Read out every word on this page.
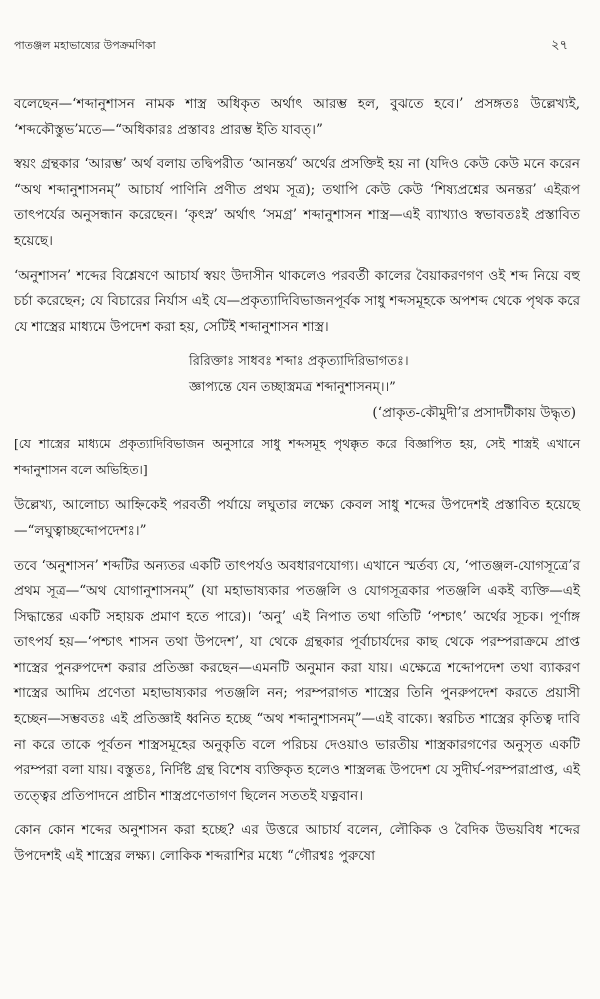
পাতঞ্জল মহাভাষ্যের উপক্রমণিকা	২৭

বলেছেন—‘শব্দানুশাসন নামক শাস্ত্র অধিকৃত অর্থাৎ আরম্ভ হল, বুঝতে হবে।’ প্রসঙ্গতঃ উল্লেখ্যই, ‘শব্দকৌস্তুভ’মতে—“অধিকারঃ প্রস্তাবঃ প্রারম্ভ ইতি যাবত্।”

স্বয়ং গ্রন্থকার ‘আরম্ভ’ অর্থ বলায় তদ্বিপরীত ‘আনন্তর্য’ অর্থের প্রসক্তিই হয় না (যদিও কেউ কেউ মনে করেন “অথ শব্দানুশাসনম্” আচার্য পাণিনি প্রণীত প্রথম সূত্র); তথাপি কেউ কেউ ‘শিষ্যপ্রশ্নের অনন্তর’ এইরূপ তাৎপর্যের অনুসন্ধান করেছেন। ‘কৃৎস্ন’ অর্থাৎ ‘সমগ্র’ শব্দানুশাসন শাস্ত্র—এই ব্যাখ্যাও স্বভাবতঃই প্রস্তাবিত হয়েছে।

‘অনুশাসন’ শব্দের বিশ্লেষণে আচার্য স্বয়ং উদাসীন থাকলেও পরবর্তী কালের বৈয়াকরণগণ ওই শব্দ নিয়ে বহু চর্চা করেছেন; যে বিচারের নির্যাস এই যে—প্রকৃত্যাদিবিভাজনপূর্বক সাধু শব্দসমূহকে অপশব্দ থেকে পৃথক করে যে শাস্ত্রের মাধ্যমে উপদেশ করা হয়, সেটিই শব্দানুশাসন শাস্ত্র।

রিরিক্তাঃ সাধবঃ শব্দাঃ প্রকৃত্যাদিরিভাগতঃ।
জ্ঞাপ্যন্তে যেন তচ্ছাস্ত্রমত্র শব্দানুশাসনম্।।”
(‘প্রাকৃত-কৌমুদী’র প্রসাদটীকায় উদ্ধৃত)
[যে শাস্ত্রের মাধ্যমে প্রকৃত্যাদিবিভাজন অনুসারে সাধু শব্দসমূহ পৃথক্কৃত করে বিজ্ঞাপিত হয়, সেই শাস্ত্রই এখানে শব্দানুশাসন বলে অভিহিত।]

উল্লেখ্য, আলোচ্য আহ্নিকেই পরবর্তী পর্যায়ে লঘুতার লক্ষ্যে কেবল সাধু শব্দের উপদেশই প্রস্তাবিত হয়েছে—“লঘুত্বাচ্ছব্দোপদেশঃ।”

তবে ‘অনুশাসন’ শব্দটির অন্যতর একটি তাৎপর্যও অবধারণযোগ্য। এখানে স্মর্তব্য যে, ‘পাতঞ্জল-যোগসূত্রে’র প্রথম সূত্র—“অথ যোগানুশাসনম্” (যা মহাভাষ্যকার পতঞ্জলি ও যোগসূত্রকার পতঞ্জলি একই ব্যক্তি—এই সিদ্ধান্তের একটি সহায়ক প্রমাণ হতে পারে)। ‘অনু’ এই নিপাত তথা গতিটি ‘পশ্চাৎ’ অর্থের সূচক। পূর্ণাঙ্গ তাৎপর্য হয়—‘পশ্চাৎ শাসন তথা উপদেশ’, যা থেকে গ্রন্থকার পূর্বাচার্যদের কাছ থেকে পরম্পরাক্রমে প্রাপ্ত শাস্ত্রের পুনরুপদেশ করার প্রতিজ্ঞা করছেন—এমনটি অনুমান করা যায়। এক্ষেত্রে শব্দোপদেশ তথা ব্যাকরণ শাস্ত্রের আদিম প্রণেতা মহাভাষ্যকার পতঞ্জলি নন; পরম্পরাগত শাস্ত্রের তিনি পুনরুপদেশ করতে প্রয়াসী হচ্ছেন—সম্ভবতঃ এই প্রতিজ্ঞাই ধ্বনিত হচ্ছে “অথ শব্দানুশাসনম্”—এই বাক্যে। স্বরচিত শাস্ত্রের কৃতিত্ব দাবি না করে তাকে পূর্বতন শাস্ত্রসমূহের অনুকৃতি বলে পরিচয় দেওয়াও ভারতীয় শাস্ত্রকারগণের অনুসৃত একটি পরম্পরা বলা যায়। বস্তুতঃ, নির্দিষ্ট গ্রন্থ বিশেষ ব্যক্তিকৃত হলেও শাস্ত্রলব্ধ উপদেশ যে সুদীর্ঘ-পরম্পরাপ্রাপ্ত, এই তত্ত্বের প্রতিপাদনে প্রাচীন শাস্ত্রপ্রণেতাগণ ছিলেন সততই যত্নবান।

কোন কোন শব্দের অনুশাসন করা হচ্ছে? এর উত্তরে আচার্য বলেন, লৌকিক ও বৈদিক উভয়বিধ শব্দের উপদেশই এই শাস্ত্রের লক্ষ্য। লোকিক শব্দরাশির মধ্যে “গৌরশ্বঃ পুরুষো
